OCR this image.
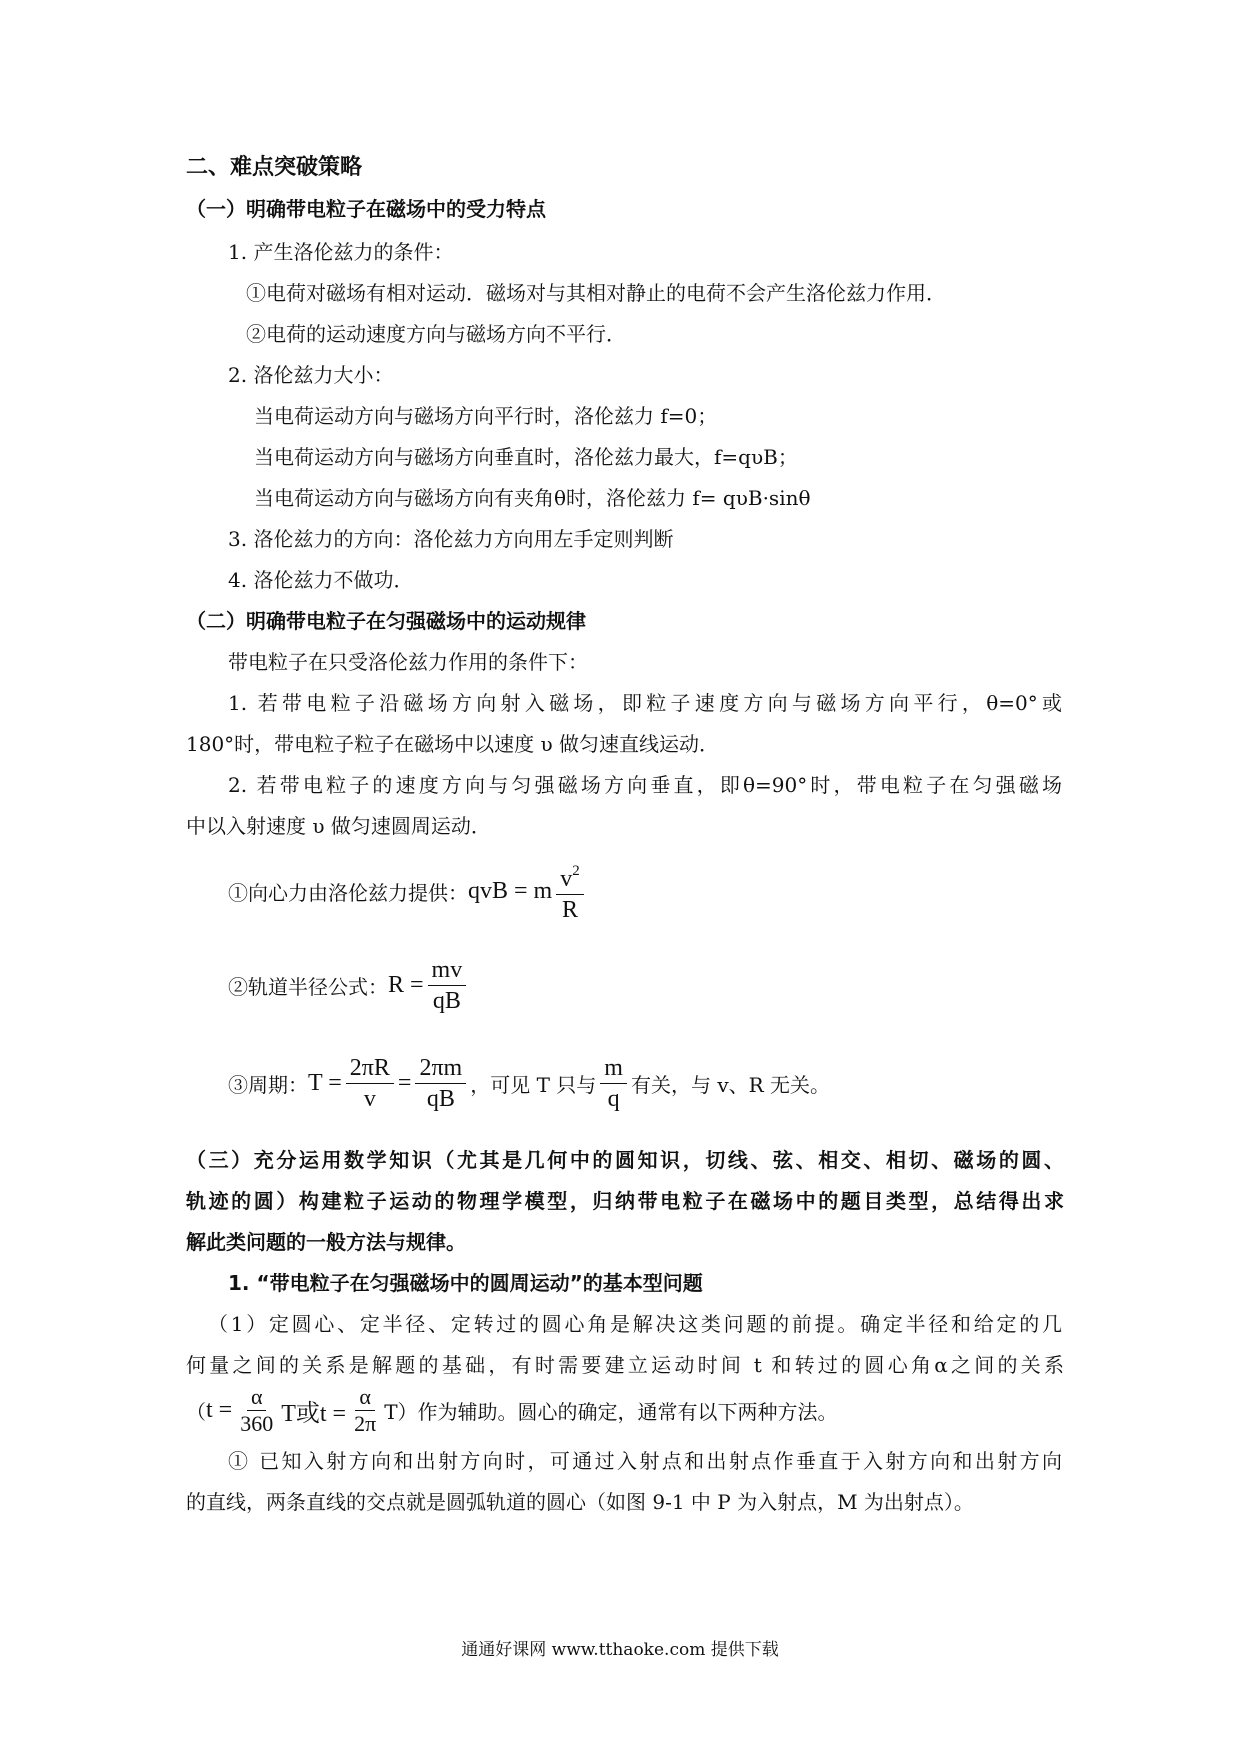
二、难点突破策略
（一）明确带电粒子在磁场中的受力特点
1. 产生洛伦兹力的条件：
①电荷对磁场有相对运动．磁场对与其相对静止的电荷不会产生洛伦兹力作用．
②电荷的运动速度方向与磁场方向不平行．
2. 洛伦兹力大小：
当电荷运动方向与磁场方向平行时，洛伦兹力 f=0；
当电荷运动方向与磁场方向垂直时，洛伦兹力最大，f=qυB；
当电荷运动方向与磁场方向有夹角θ时，洛伦兹力 f= qυB·sinθ
3. 洛伦兹力的方向：洛伦兹力方向用左手定则判断
4. 洛伦兹力不做功．
（二）明确带电粒子在匀强磁场中的运动规律
带电粒子在只受洛伦兹力作用的条件下：
1. 若带电粒子沿磁场方向射入磁场，即粒子速度方向与磁场方向平行，θ=0°或
180°时，带电粒子粒子在磁场中以速度 υ 做匀速直线运动．
2. 若带电粒子的速度方向与匀强磁场方向垂直，即θ=90°时，带电粒子在匀强磁场
中以入射速度 υ 做匀速圆周运动．
①向心力由洛伦兹力提供： qvB = m $\frac{v^2}{R}$
②轨道半径公式： $R = \frac{mv}{qB}$
③周期： $T = \frac{2\pi R}{v} = \frac{2\pi m}{qB}$ ，可见 T 只与 $\frac{m}{q}$ 有关，与 v、R 无关。
（三）充分运用数学知识（尤其是几何中的圆知识，切线、弦、相交、相切、磁场的圆、
轨迹的圆）构建粒子运动的物理学模型，归纳带电粒子在磁场中的题目类型，总结得出求
解此类问题的一般方法与规律。
1. “带电粒子在匀强磁场中的圆周运动”的基本型问题
（1）定圆心、定半径、定转过的圆心角是解决这类问题的前提。确定半径和给定的几
何量之间的关系是解题的基础，有时需要建立运动时间 t 和转过的圆心角α之间的关系
（ $t = \frac{\alpha}{360}$ T或$t = \frac{\alpha}{2\pi} T$）作为辅助。圆心的确定，通常有以下两种方法。
① 已知入射方向和出射方向时，可通过入射点和出射点作垂直于入射方向和出射方向
的直线，两条直线的交点就是圆弧轨道的圆心（如图 9-1 中 P 为入射点，M 为出射点）。
通通好课网 www.tthaoke.com 提供下载
